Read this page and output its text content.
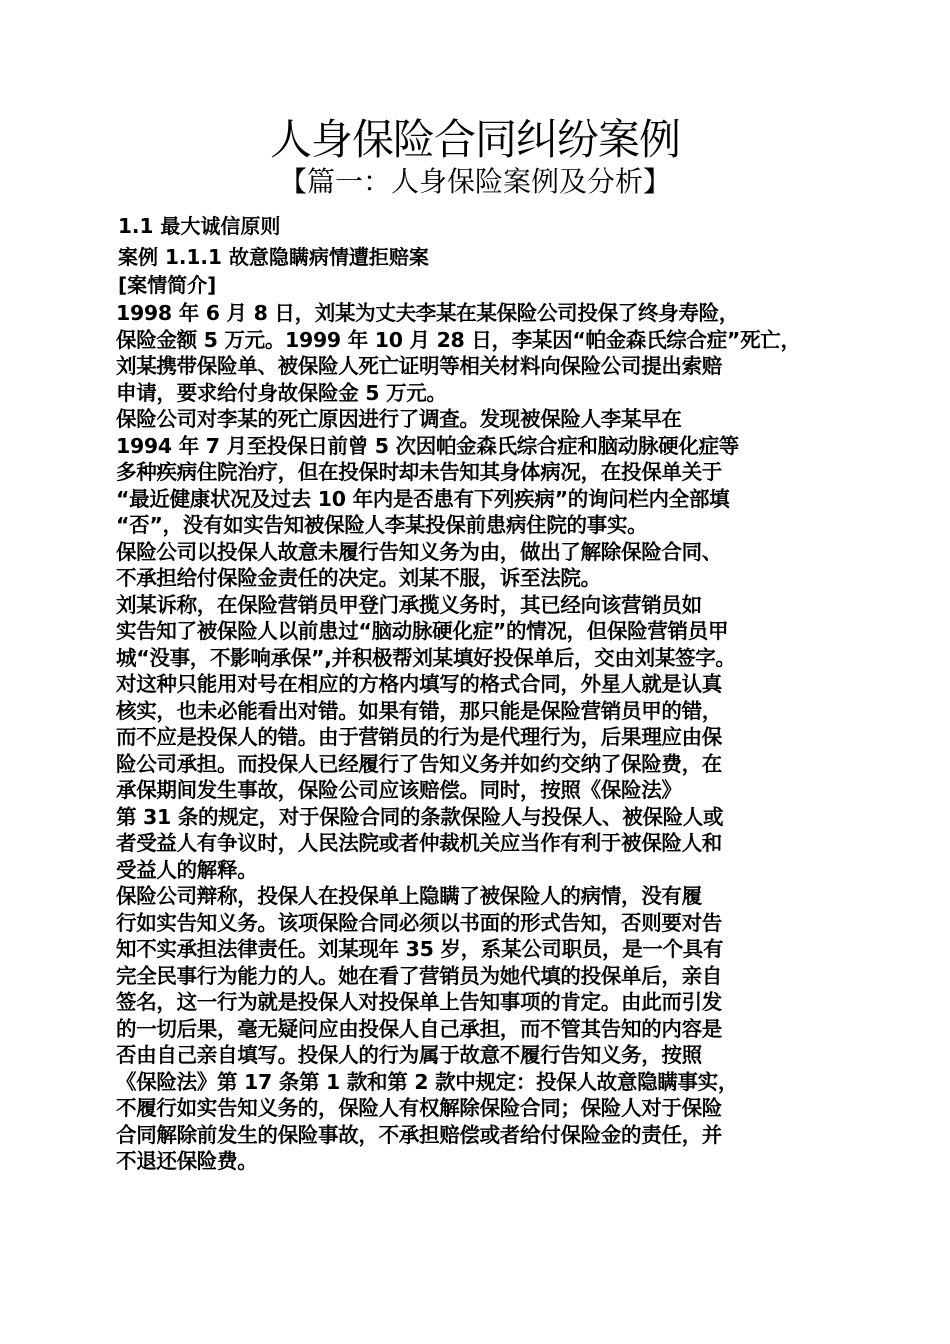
人身保险合同纠纷案例
【篇一：人身保险案例及分析】
1.1 最大诚信原则
案例 1.1.1 故意隐瞒病情遭拒赔案
[案情简介]
1998 年 6 月 8 日，刘某为丈夫李某在某保险公司投保了终身寿险，
保险金额 5 万元。1999 年 10 月 28 日，李某因“帕金森氏综合症”死亡，
刘某携带保险单、被保险人死亡证明等相关材料向保险公司提出索赔
申请，要求给付身故保险金 5 万元。
保险公司对李某的死亡原因进行了调查。发现被保险人李某早在
1994 年 7 月至投保日前曾 5 次因帕金森氏综合症和脑动脉硬化症等
多种疾病住院治疗，但在投保时却未告知其身体病况，在投保单关于
“最近健康状况及过去 10 年内是否患有下列疾病”的询问栏内全部填
“否”，没有如实告知被保险人李某投保前患病住院的事实。
保险公司以投保人故意未履行告知义务为由，做出了解除保险合同、
不承担给付保险金责任的决定。刘某不服，诉至法院。
刘某诉称，在保险营销员甲登门承揽义务时，其已经向该营销员如
实告知了被保险人以前患过“脑动脉硬化症”的情况，但保险营销员甲
城“没事，不影响承保”,并积极帮刘某填好投保单后，交由刘某签字。
对这种只能用对号在相应的方格内填写的格式合同，外星人就是认真
核实，也未必能看出对错。如果有错，那只能是保险营销员甲的错，
而不应是投保人的错。由于营销员的行为是代理行为，后果理应由保
险公司承担。而投保人已经履行了告知义务并如约交纳了保险费，在
承保期间发生事故，保险公司应该赔偿。同时，按照《保险法》
第 31 条的规定，对于保险合同的条款保险人与投保人、被保险人或
者受益人有争议时，人民法院或者仲裁机关应当作有利于被保险人和
受益人的解释。
保险公司辩称，投保人在投保单上隐瞒了被保险人的病情，没有履
行如实告知义务。该项保险合同必须以书面的形式告知，否则要对告
知不实承担法律责任。刘某现年 35 岁，系某公司职员，是一个具有
完全民事行为能力的人。她在看了营销员为她代填的投保单后，亲自
签名，这一行为就是投保人对投保单上告知事项的肯定。由此而引发
的一切后果，毫无疑问应由投保人自己承担，而不管其告知的内容是
否由自己亲自填写。投保人的行为属于故意不履行告知义务，按照
《保险法》第 17 条第 1 款和第 2 款中规定：投保人故意隐瞒事实，
不履行如实告知义务的，保险人有权解除保险合同；保险人对于保险
合同解除前发生的保险事故，不承担赔偿或者给付保险金的责任，并
不退还保险费。
